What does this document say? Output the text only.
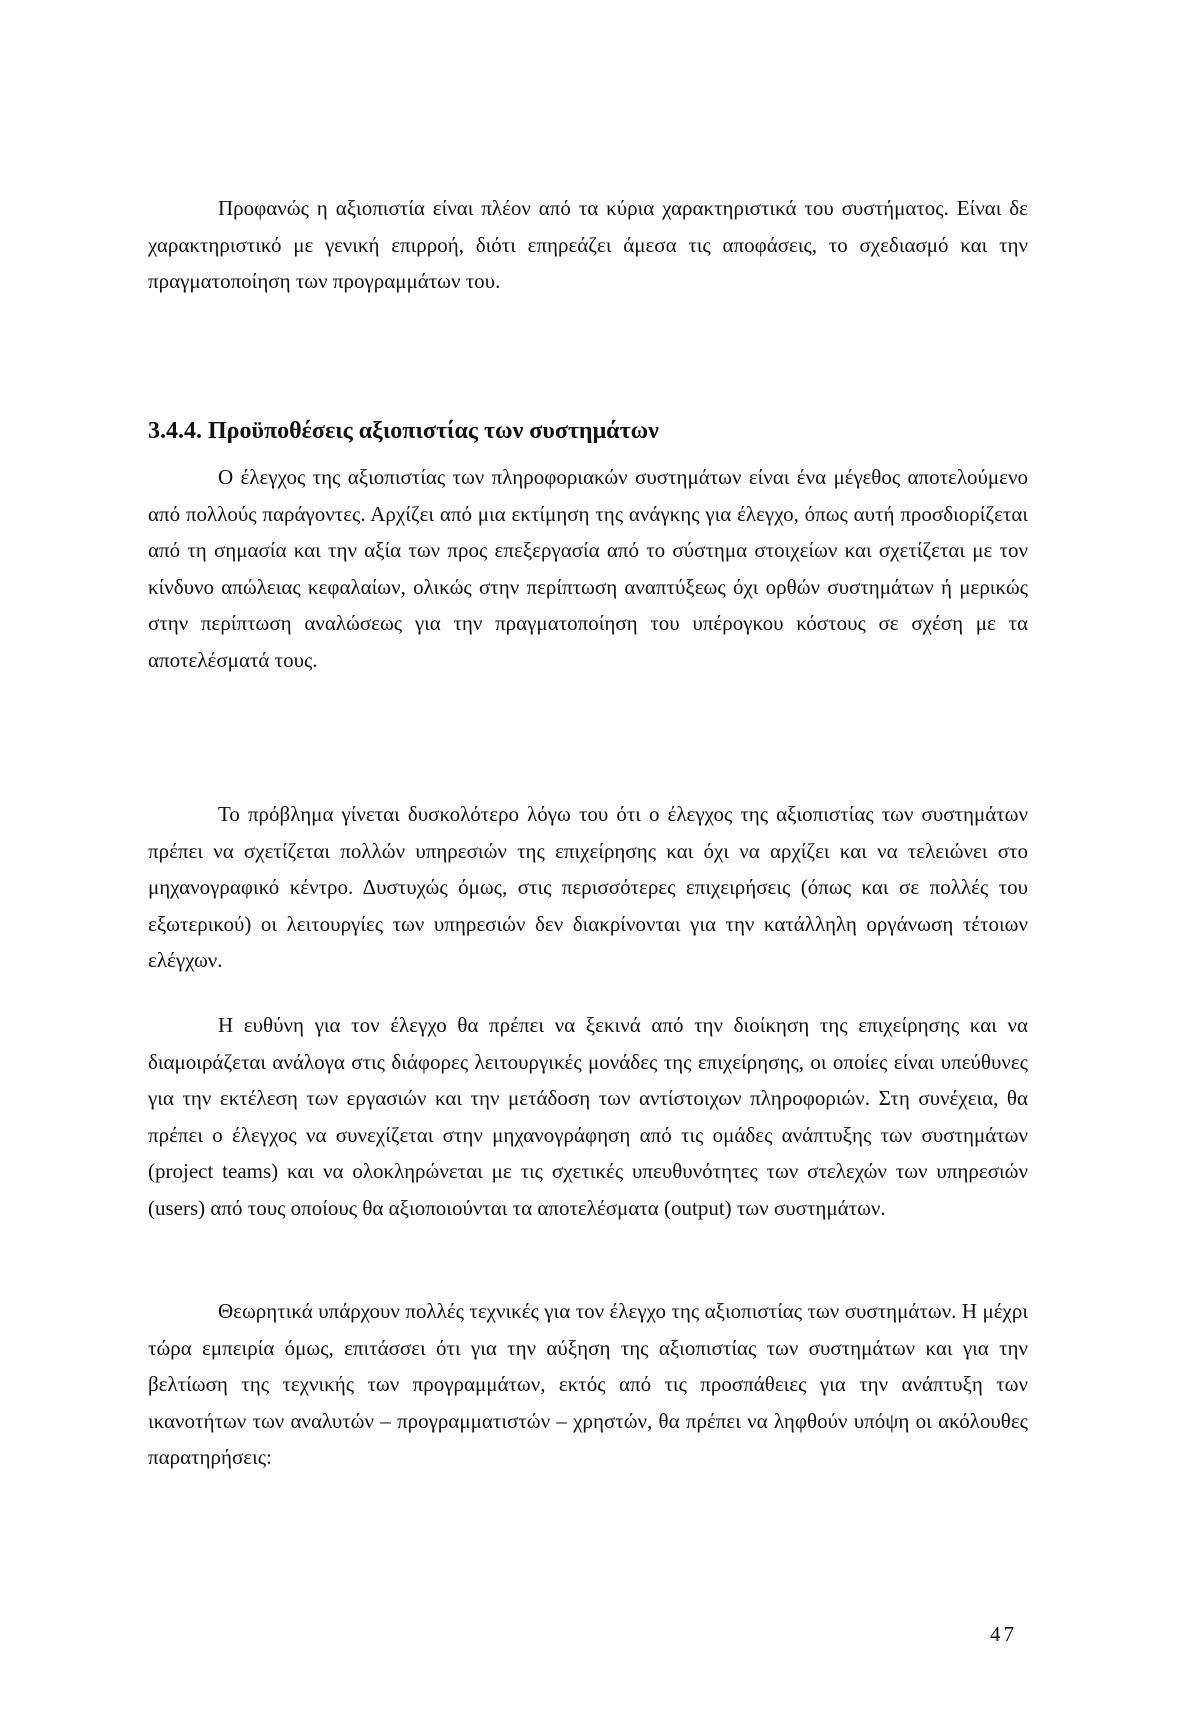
Προφανώς η αξιοπιστία είναι πλέον από τα κύρια χαρακτηριστικά του συστήματος. Είναι δε χαρακτηριστικό με γενική επιρροή, διότι επηρεάζει άμεσα τις αποφάσεις, το σχεδιασμό και την πραγματοποίηση των προγραμμάτων του.

3.4.4. Προϋποθέσεις αξιοπιστίας των συστημάτων

Ο έλεγχος της αξιοπιστίας των πληροφοριακών συστημάτων είναι ένα μέγεθος αποτελούμενο από πολλούς παράγοντες. Αρχίζει από μια εκτίμηση της ανάγκης για έλεγχο, όπως αυτή προσδιορίζεται από τη σημασία και την αξία των προς επεξεργασία από το σύστημα στοιχείων και σχετίζεται με τον κίνδυνο απώλειας κεφαλαίων, ολικώς στην περίπτωση αναπτύξεως όχι ορθών συστημάτων ή μερικώς στην περίπτωση αναλώσεως για την πραγματοποίηση του υπέρογκου κόστους σε σχέση με τα αποτελέσματά τους.

Το πρόβλημα γίνεται δυσκολότερο λόγω του ότι ο έλεγχος της αξιοπιστίας των συστημάτων πρέπει να σχετίζεται πολλών υπηρεσιών της επιχείρησης και όχι να αρχίζει και να τελειώνει στο μηχανογραφικό κέντρο. Δυστυχώς όμως, στις περισσότερες επιχειρήσεις (όπως και σε πολλές του εξωτερικού) οι λειτουργίες των υπηρεσιών δεν διακρίνονται για την κατάλληλη οργάνωση τέτοιων ελέγχων.

Η ευθύνη για τον έλεγχο θα πρέπει να ξεκινά από την διοίκηση της επιχείρησης και να διαμοιράζεται ανάλογα στις διάφορες λειτουργικές μονάδες της επιχείρησης, οι οποίες είναι υπεύθυνες για την εκτέλεση των εργασιών και την μετάδοση των αντίστοιχων πληροφοριών. Στη συνέχεια, θα πρέπει ο έλεγχος να συνεχίζεται στην μηχανογράφηση από τις ομάδες ανάπτυξης των συστημάτων (project teams) και να ολοκληρώνεται με τις σχετικές υπευθυνότητες των στελεχών των υπηρεσιών (users) από τους οποίους θα αξιοποιούνται τα αποτελέσματα (output) των συστημάτων.

Θεωρητικά υπάρχουν πολλές τεχνικές για τον έλεγχο της αξιοπιστίας των συστημάτων. Η μέχρι τώρα εμπειρία όμως, επιτάσσει ότι για την αύξηση της αξιοπιστίας των συστημάτων και για την βελτίωση της τεχνικής των προγραμμάτων, εκτός από τις προσπάθειες για την ανάπτυξη των ικανοτήτων των αναλυτών – προγραμματιστών – χρηστών, θα πρέπει να ληφθούν υπόψη οι ακόλουθες παρατηρήσεις:

47
